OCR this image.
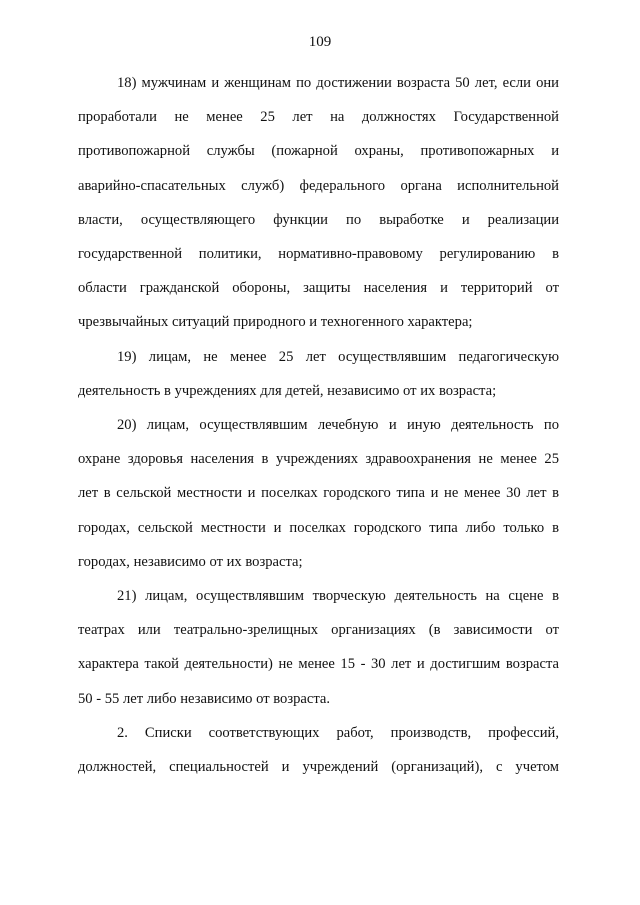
109

18) мужчинам и женщинам по достижении возраста 50 лет, если они

проработали не менее 25 лет на должностях Государственной

противопожарной службы (пожарной охраны, противопожарных и

аварийно-спасательных служб) федерального органа исполнительной

власти, осуществляющего функции по выработке и реализации

государственной политики, нормативно-правовому регулированию в

области гражданской обороны, защиты населения и территорий от

чрезвычайных ситуаций природного и техногенного характера;

19) лицам, не менее 25 лет осуществлявшим педагогическую

деятельность в учреждениях для детей, независимо от их возраста;

20) лицам, осуществлявшим лечебную и иную деятельность по

охране здоровья населения в учреждениях здравоохранения не менее 25

лет в сельской местности и поселках городского типа и не менее 30 лет в

городах, сельской местности и поселках городского типа либо только в

городах, независимо от их возраста;

21) лицам, осуществлявшим творческую деятельность на сцене в

театрах или театрально-зрелищных организациях (в зависимости от

характера такой деятельности) не менее 15 - 30 лет и достигшим возраста

50 - 55 лет либо независимо от возраста.

2. Списки соответствующих работ, производств, профессий,

должностей, специальностей и учреждений (организаций), с учетом
